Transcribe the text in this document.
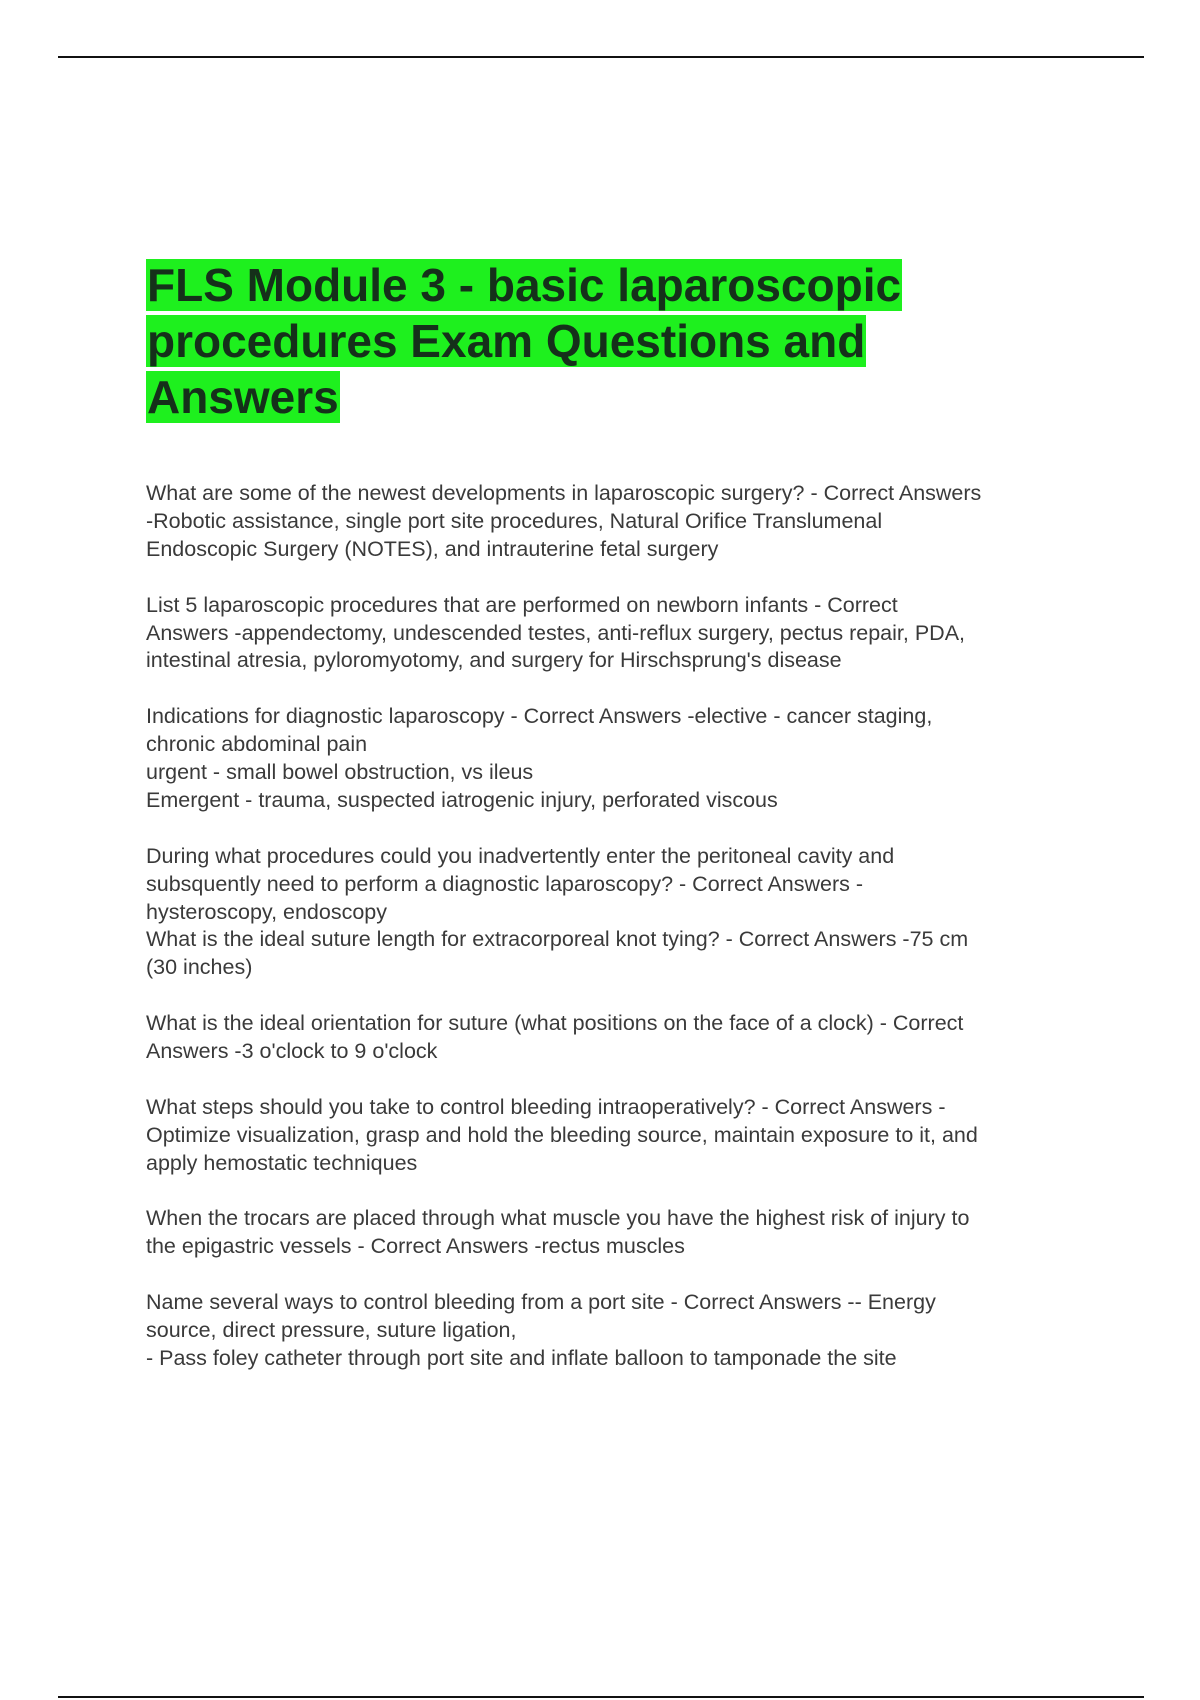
FLS Module 3 - basic laparoscopic
procedures Exam Questions and
Answers

What are some of the newest developments in laparoscopic surgery? - Correct Answers
-Robotic assistance, single port site procedures, Natural Orifice Translumenal
Endoscopic Surgery (NOTES), and intrauterine fetal surgery

List 5 laparoscopic procedures that are performed on newborn infants - Correct
Answers -appendectomy, undescended testes, anti-reflux surgery, pectus repair, PDA,
intestinal atresia, pyloromyotomy, and surgery for Hirschsprung's disease

Indications for diagnostic laparoscopy - Correct Answers -elective - cancer staging,
chronic abdominal pain
urgent - small bowel obstruction, vs ileus
Emergent - trauma, suspected iatrogenic injury, perforated viscous

During what procedures could you inadvertently enter the peritoneal cavity and
subsquently need to perform a diagnostic laparoscopy? - Correct Answers -
hysteroscopy, endoscopy
What is the ideal suture length for extracorporeal knot tying? - Correct Answers -75 cm
(30 inches)

What is the ideal orientation for suture (what positions on the face of a clock) - Correct
Answers -3 o'clock to 9 o'clock

What steps should you take to control bleeding intraoperatively? - Correct Answers -
Optimize visualization, grasp and hold the bleeding source, maintain exposure to it, and
apply hemostatic techniques

When the trocars are placed through what muscle you have the highest risk of injury to
the epigastric vessels - Correct Answers -rectus muscles

Name several ways to control bleeding from a port site - Correct Answers -- Energy
source, direct pressure, suture ligation,
- Pass foley catheter through port site and inflate balloon to tamponade the site
